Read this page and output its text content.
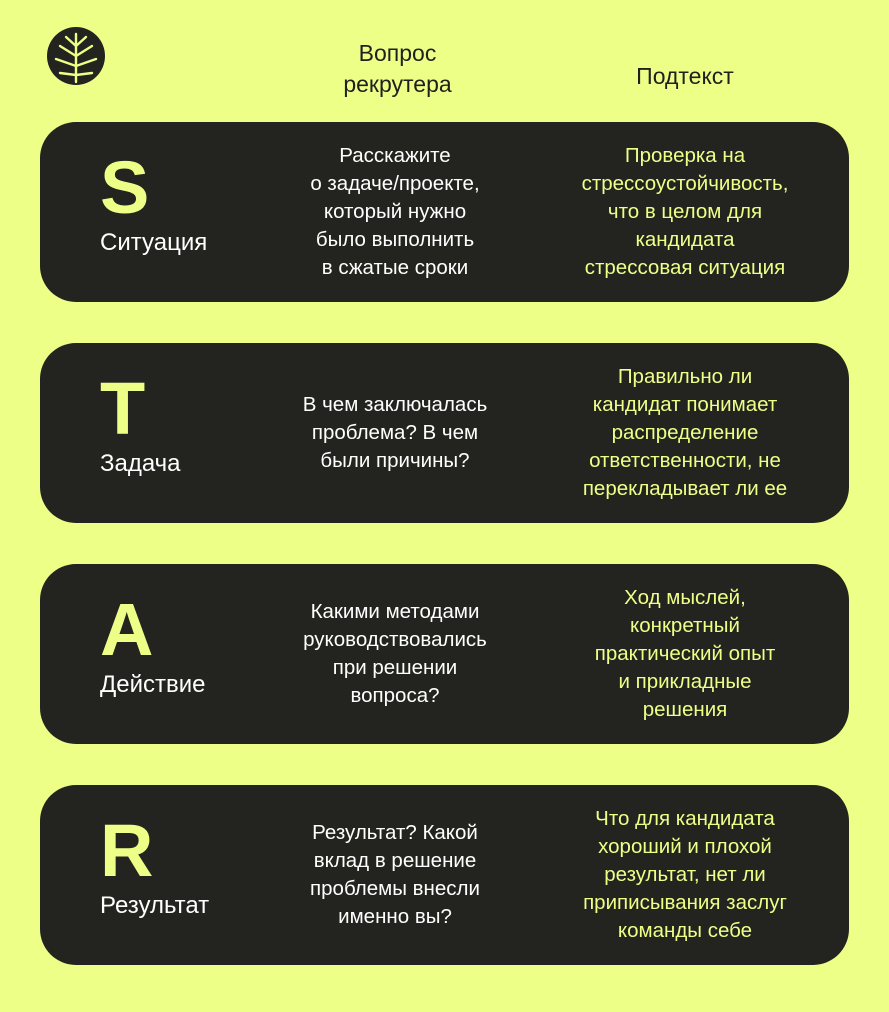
Вопрос
рекрутера	Подтекст
S
Ситуация
Расскажите
о задаче/проекте,
который нужно
было выполнить
в сжатые сроки
Проверка на
стрессоустойчивость,
что в целом для
кандидата
стрессовая ситуация
T
Задача
В чем заключалась
проблема? В чем
были причины?
Правильно ли
кандидат понимает
распределение
ответственности, не
перекладывает ли ее
A
Действие
Какими методами
руководствовались
при решении
вопроса?
Ход мыслей,
конкретный
практический опыт
и прикладные
решения
R
Результат
Результат? Какой
вклад в решение
проблемы внесли
именно вы?
Что для кандидата
хороший и плохой
результат, нет ли
приписывания заслуг
команды себе
